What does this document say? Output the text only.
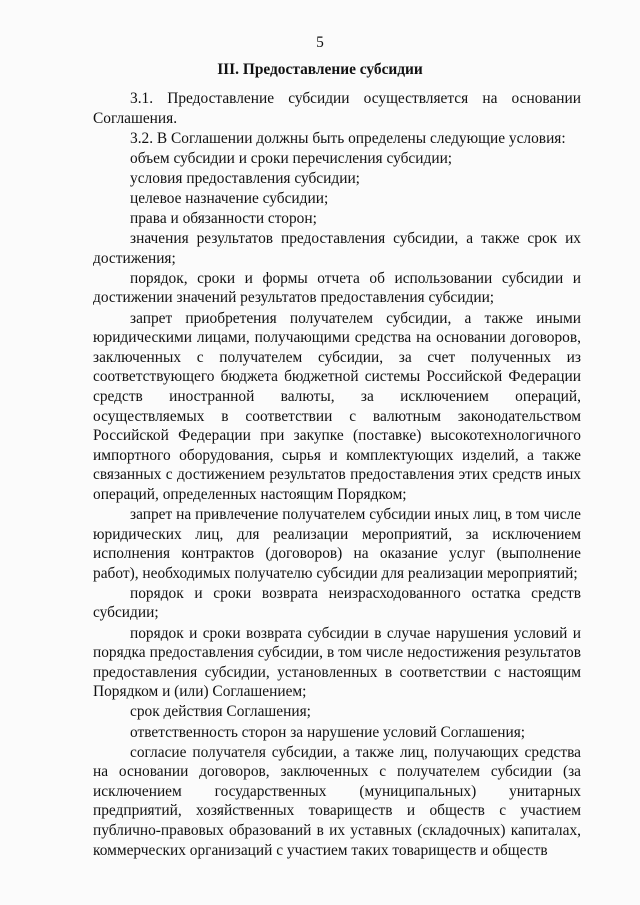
5
III. Предоставление субсидии

3.1. Предоставление субсидии осуществляется на основании Соглашения.

3.2. В Соглашении должны быть определены следующие условия:

объем субсидии и сроки перечисления субсидии;

условия предоставления субсидии;

целевое назначение субсидии;

права и обязанности сторон;

значения результатов предоставления субсидии, а также срок их достижения;

порядок, сроки и формы отчета об использовании субсидии и достижении значений результатов предоставления субсидии;

запрет приобретения получателем субсидии, а также иными юридическими лицами, получающими средства на основании договоров, заключенных с получателем субсидии, за счет полученных из соответствующего бюджета бюджетной системы Российской Федерации средств иностранной валюты, за исключением операций, осуществляемых в соответствии с валютным законодательством Российской Федерации при закупке (поставке) высокотехнологичного импортного оборудования, сырья и комплектующих изделий, а также связанных с достижением результатов предоставления этих средств иных операций, определенных настоящим Порядком;

запрет на привлечение получателем субсидии иных лиц, в том числе юридических лиц, для реализации мероприятий, за исключением исполнения контрактов (договоров) на оказание услуг (выполнение работ), необходимых получателю субсидии для реализации мероприятий;

порядок и сроки возврата неизрасходованного остатка средств субсидии;

порядок и сроки возврата субсидии в случае нарушения условий и порядка предоставления субсидии, в том числе недостижения результатов предоставления субсидии, установленных в соответствии с настоящим Порядком и (или) Соглашением;

срок действия Соглашения;

ответственность сторон за нарушение условий Соглашения;

согласие получателя субсидии, а также лиц, получающих средства на основании договоров, заключенных с получателем субсидии (за исключением государственных (муниципальных) унитарных предприятий, хозяйственных товариществ и обществ с участием публично-правовых образований в их уставных (складочных) капиталах, коммерческих организаций с участием таких товариществ и обществ
